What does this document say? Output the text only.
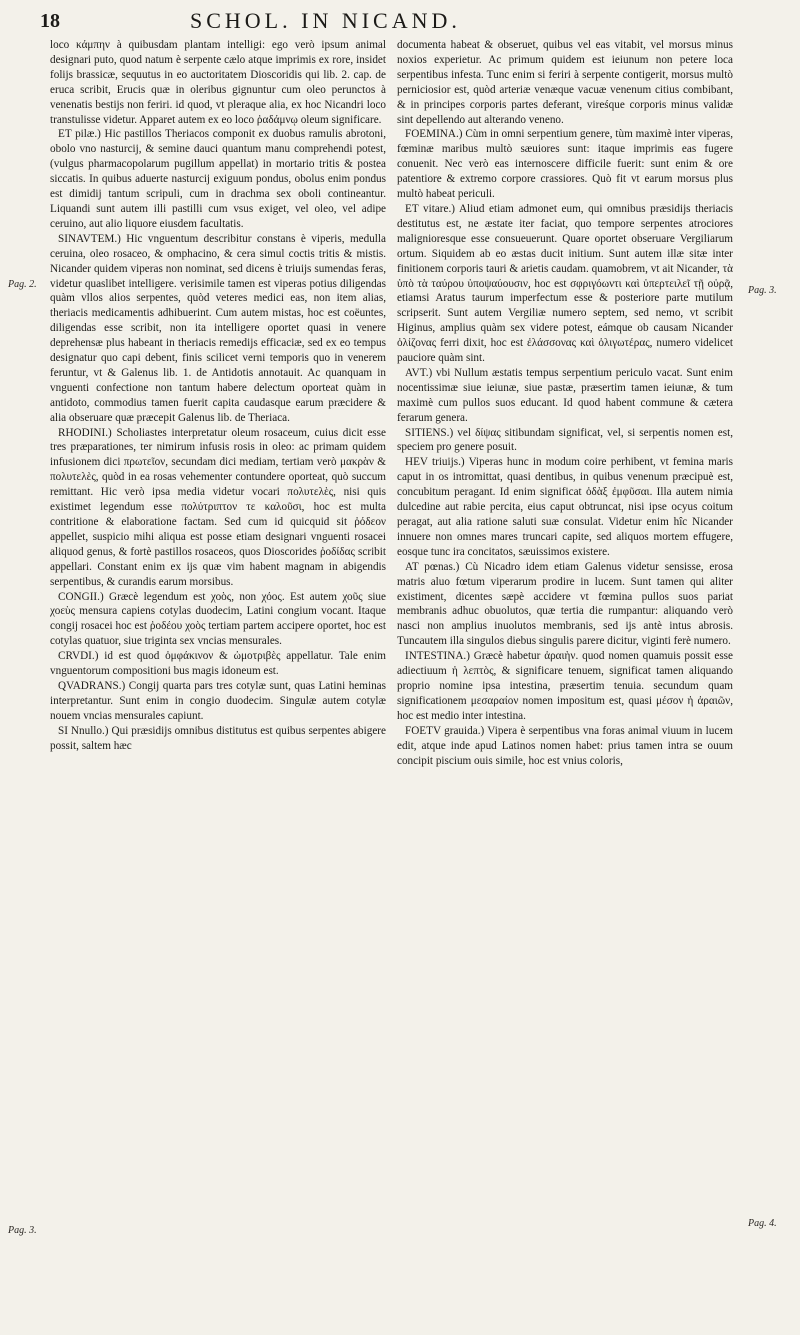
18	SCHOL. IN NICAND.
Pag. 2.
Pag. 3.
Pag. 3.
Pag. 4.

loco κάμπην à quibusdam plantam intelligi: ego verò ipsum animal designari puto, quod natum è serpente cælo atque imprimis ex rore, insidet folijs brassicæ, sequutus in eo auctoritatem Dioscoridis qui lib. 2. cap. de eruca scribit, Erucis quæ in oleribus gignuntur cum oleo perunctos à venenatis bestijs non feriri. id quod, vt pleraque alia, ex hoc Nicandri loco transtulisse videtur. Apparet autem ex eo loco ῥαδάμνῳ oleum significare.

ET pilæ.) Hic pastillos Theriacos componit ex duobus ramulis abrotoni, obolo vno nasturcij, & semine dauci quantum manu comprehendi potest, (vulgus pharmacopolarum pugillum appellat) in mortario tritis & postea siccatis. In quibus aduerte nasturcij exiguum pondus, obolus enim pondus est dimidij tantum scripuli, cum in drachma sex oboli contineantur. Liquandi sunt autem illi pastilli cum vsus exiget, vel oleo, vel adipe ceruino, aut alio liquore eiusdem facultatis.

SINAVTEM.) Hic vnguentum describitur constans è viperis, medulla ceruina, oleo rosaceo, & omphacino, & cera simul coctis tritis & mistis. Nicander quidem viperas non nominat, sed dicens è triuijs sumendas feras, videtur quaslibet intelligere. verisimile tamen est viperas potius diligendas quàm vllos alios serpentes, quòd veteres medici eas, non item alias, theriacis medicamentis adhibuerint. Cum autem mistas, hoc est coëuntes, diligendas esse scribit, non ita intelligere oportet quasi in venere deprehensæ plus habeant in theriacis remedijs efficaciæ, sed ex eo tempus designatur quo capi debent, finis scilicet verni temporis quo in venerem feruntur, vt & Galenus lib. 1. de Antidotis annotauit. Ac quanquam in vnguenti confectione non tantum habere delectum oporteat quàm in antidoto, commodius tamen fuerit capita caudasque earum præcidere & alia obseruare quæ præcepit Galenus lib. de Theriaca.

RHODINI.) Scholiastes interpretatur oleum rosaceum, cuius dicit esse tres præparationes, ter nimirum infusis rosis in oleo: ac primam quidem infusionem dici πρωτεῖον, secundam dici mediam, tertiam verò μακρὰν & πολυτελὲς, quòd in ea rosas vehementer contundere oporteat, quò succum remittant. Hic verò ipsa media videtur vocari πολυτελὲς, nisi quis existimet legendum esse πολύτριπτον τε καλοῦσι, hoc est multa contritione & elaboratione factam. Sed cum id quicquid sit ῥόδεον appellet, suspicio mihi aliqua est posse etiam designari vnguenti rosacei aliquod genus, & fortè pastillos rosaceos, quos Dioscorides ῥοδίδας scribit appellari. Constant enim ex ijs quæ vim habent magnam in abigendis serpentibus, & curandis earum morsibus.

CONGII.) Græcè legendum est χοὸς, non χόος. Est autem χοῦς siue χοεὺς mensura capiens cotylas duodecim, Latini congium vocant. Itaque congij rosacei hoc est ῥοδέου χοὸς tertiam partem accipere oportet, hoc est cotylas quatuor, siue triginta sex vncias mensurales.

CRVDI.) id est quod ὀμφάκινον & ὠμοτριβὲς appellatur. Tale enim vnguentorum compositioni bus magis idoneum est.

QVADRANS.) Congij quarta pars tres cotylæ sunt, quas Latini heminas interpretantur. Sunt enim in congio duodecim. Singulæ autem cotylæ nouem vncias mensurales capiunt.

SI Nnullo.) Qui præsidijs omnibus distitutus est quibus serpentes abigere possit, saltem hæc

documenta habeat & obseruet, quibus vel eas vitabit, vel morsus minus noxios experietur. Ac primum quidem est ieiunum non petere loca serpentibus infesta. Tunc enim si feriri à serpente contigerit, morsus multò perniciosior est, quòd arteriæ venæque vacuæ venenum citius combibant, & in principes corporis partes deferant, vireśque corporis minus validæ sint depellendo aut alterando veneno.

FOEMINA.) Cùm in omni serpentium genere, tùm maximè inter viperas, fœminæ maribus multò sæuiores sunt: itaque imprimis eas fugere conuenit. Nec verò eas internoscere difficile fuerit: sunt enim & ore patentiore & extremo corpore crassiores. Quò fit vt earum morsus plus multò habeat periculi.

ET vitare.) Aliud etiam admonet eum, qui omnibus præsidijs theriacis destitutus est, ne æstate iter faciat, quo tempore serpentes atrociores malignioresque esse consueuerunt. Quare oportet obseruare Vergiliarum ortum. Siquidem ab eo æstas ducit initium. Sunt autem illæ sitæ inter finitionem corporis tauri & arietis caudam. quamobrem, vt ait Nicander, τὰ ὑπὸ τὰ ταύρου ὑποψαύουσιν, hoc est σφριγόωντι καὶ ὑπερτειλεῖ τῇ οὐρᾷ, etiamsi Aratus taurum imperfectum esse & posteriore parte mutilum scripserit. Sunt autem Vergiliæ numero septem, sed nemo, vt scribit Higinus, amplius quàm sex videre potest, eámque ob causam Nicander ὀλίζονας ferri dixit, hoc est ἐλάσσονας καὶ ὀλιγωτέρας, numero videlicet pauciore quàm sint.

AVT.) vbi Nullum æstatis tempus serpentium periculo vacat. Sunt enim nocentissimæ siue ieiunæ, siue pastæ, præsertim tamen ieiunæ, & tum maximè cum pullos suos educant. Id quod habent commune & cætera ferarum genera.

SITIENS.) vel δίψας sitibundam significat, vel, si serpentis nomen est, speciem pro genere posuit.

HEV triuijs.) Viperas hunc in modum coire perhibent, vt femina maris caput in os intromittat, quasi dentibus, in quibus venenum præcipuè est, concubitum peragant. Id enim significat ὀδὰξ ἐμφῦσαι. Illa autem nimia dulcedine aut rabie percita, eius caput obtruncat, nisi ipse ocyus coitum peragat, aut alia ratione saluti suæ consulat. Videtur enim hîc Nicander innuere non omnes mares truncari capite, sed aliquos mortem effugere, eosque tunc ira concitatos, sæuissimos existere.

AT pœnas.) Cù Nicadro idem etiam Galenus videtur sensisse, erosa matris aluo fœtum viperarum prodire in lucem. Sunt tamen qui aliter existiment, dicentes sæpè accidere vt fœmina pullos suos pariat membranis adhuc obuolutos, quæ tertia die rumpantur: aliquando verò nasci non amplius inuolutos membranis, sed ijs antè intus abrosis. Tuncautem illa singulos diebus singulis parere dicitur, viginti ferè numero.

INTESTINA.) Græcè habetur ἀραιὴν. quod nomen quamuis possit esse adiectiuum ἡ λεπτὸς, & significare tenuem, significat tamen aliquando proprio nomine ipsa intestina, præsertim tenuia. secundum quam significationem μεσαραίον nomen impositum est, quasi μέσον ἡ ἀραιῶν, hoc est medio inter intestina.

FOETV grauida.) Vipera è serpentibus vna foras animal viuum in lucem edit, atque inde apud Latinos nomen habet: prius tamen intra se ouum concipit piscium ouis simile, hoc est vnius coloris,
